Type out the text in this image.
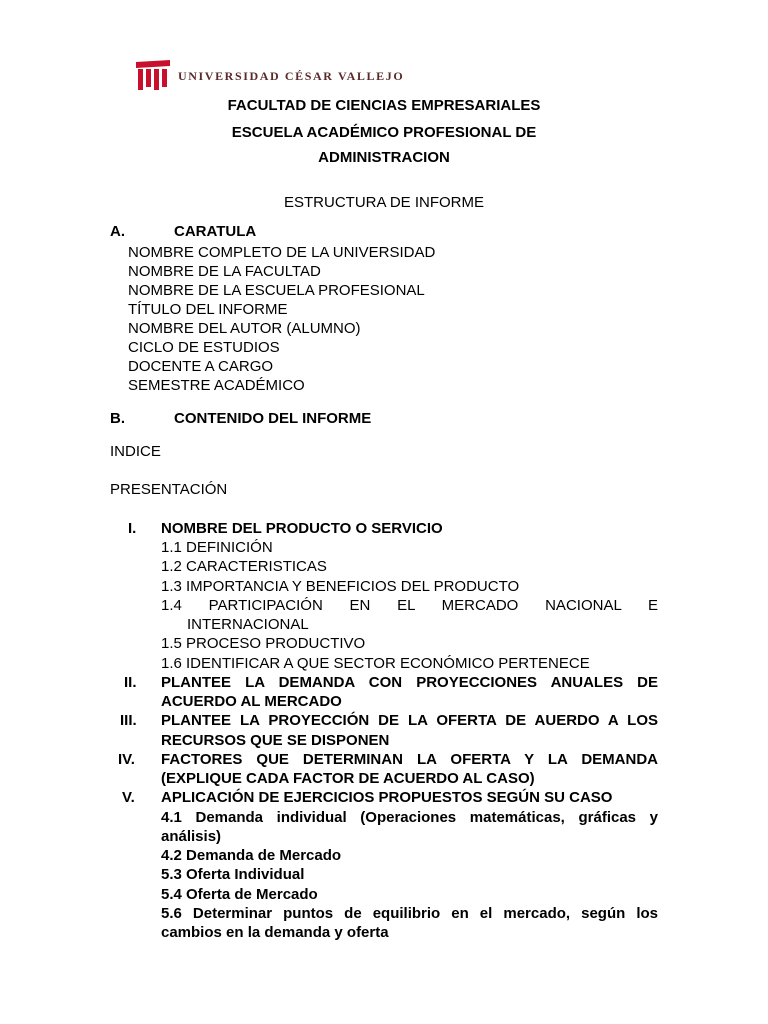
UNIVERSIDAD CÉSAR VALLEJO
FACULTAD DE CIENCIAS EMPRESARIALES
ESCUELA ACADÉMICO PROFESIONAL DE
ADMINISTRACION
ESTRUCTURA DE INFORME
A.	CARATULA
NOMBRE COMPLETO DE LA UNIVERSIDAD
NOMBRE DE LA FACULTAD
NOMBRE DE LA ESCUELA PROFESIONAL
TÍTULO DEL INFORME
NOMBRE DEL AUTOR (ALUMNO)
CICLO DE ESTUDIOS
DOCENTE A CARGO
SEMESTRE ACADÉMICO
B.	CONTENIDO DEL INFORME
INDICE
PRESENTACIÓN
I. NOMBRE DEL PRODUCTO O SERVICIO
1.1 DEFINICIÓN
1.2 CARACTERISTICAS
1.3 IMPORTANCIA Y BENEFICIOS DEL PRODUCTO
1.4 PARTICIPACIÓN EN EL MERCADO NACIONAL E
INTERNACIONAL
1.5 PROCESO PRODUCTIVO
1.6 IDENTIFICAR A QUE SECTOR ECONÓMICO PERTENECE
II. PLANTEE LA DEMANDA CON PROYECCIONES ANUALES DE
ACUERDO AL MERCADO
III. PLANTEE LA PROYECCIÓN DE LA OFERTA DE AUERDO A LOS
RECURSOS QUE SE DISPONEN
IV. FACTORES QUE DETERMINAN LA OFERTA Y LA DEMANDA
(EXPLIQUE CADA FACTOR DE ACUERDO AL CASO)
V. APLICACIÓN DE EJERCICIOS PROPUESTOS SEGÚN SU CASO
4.1 Demanda individual (Operaciones matemáticas, gráficas y
análisis)
4.2 Demanda de Mercado
5.3 Oferta Individual
5.4 Oferta de Mercado
5.6 Determinar puntos de equilibrio en el mercado, según los
cambios en la demanda y oferta
